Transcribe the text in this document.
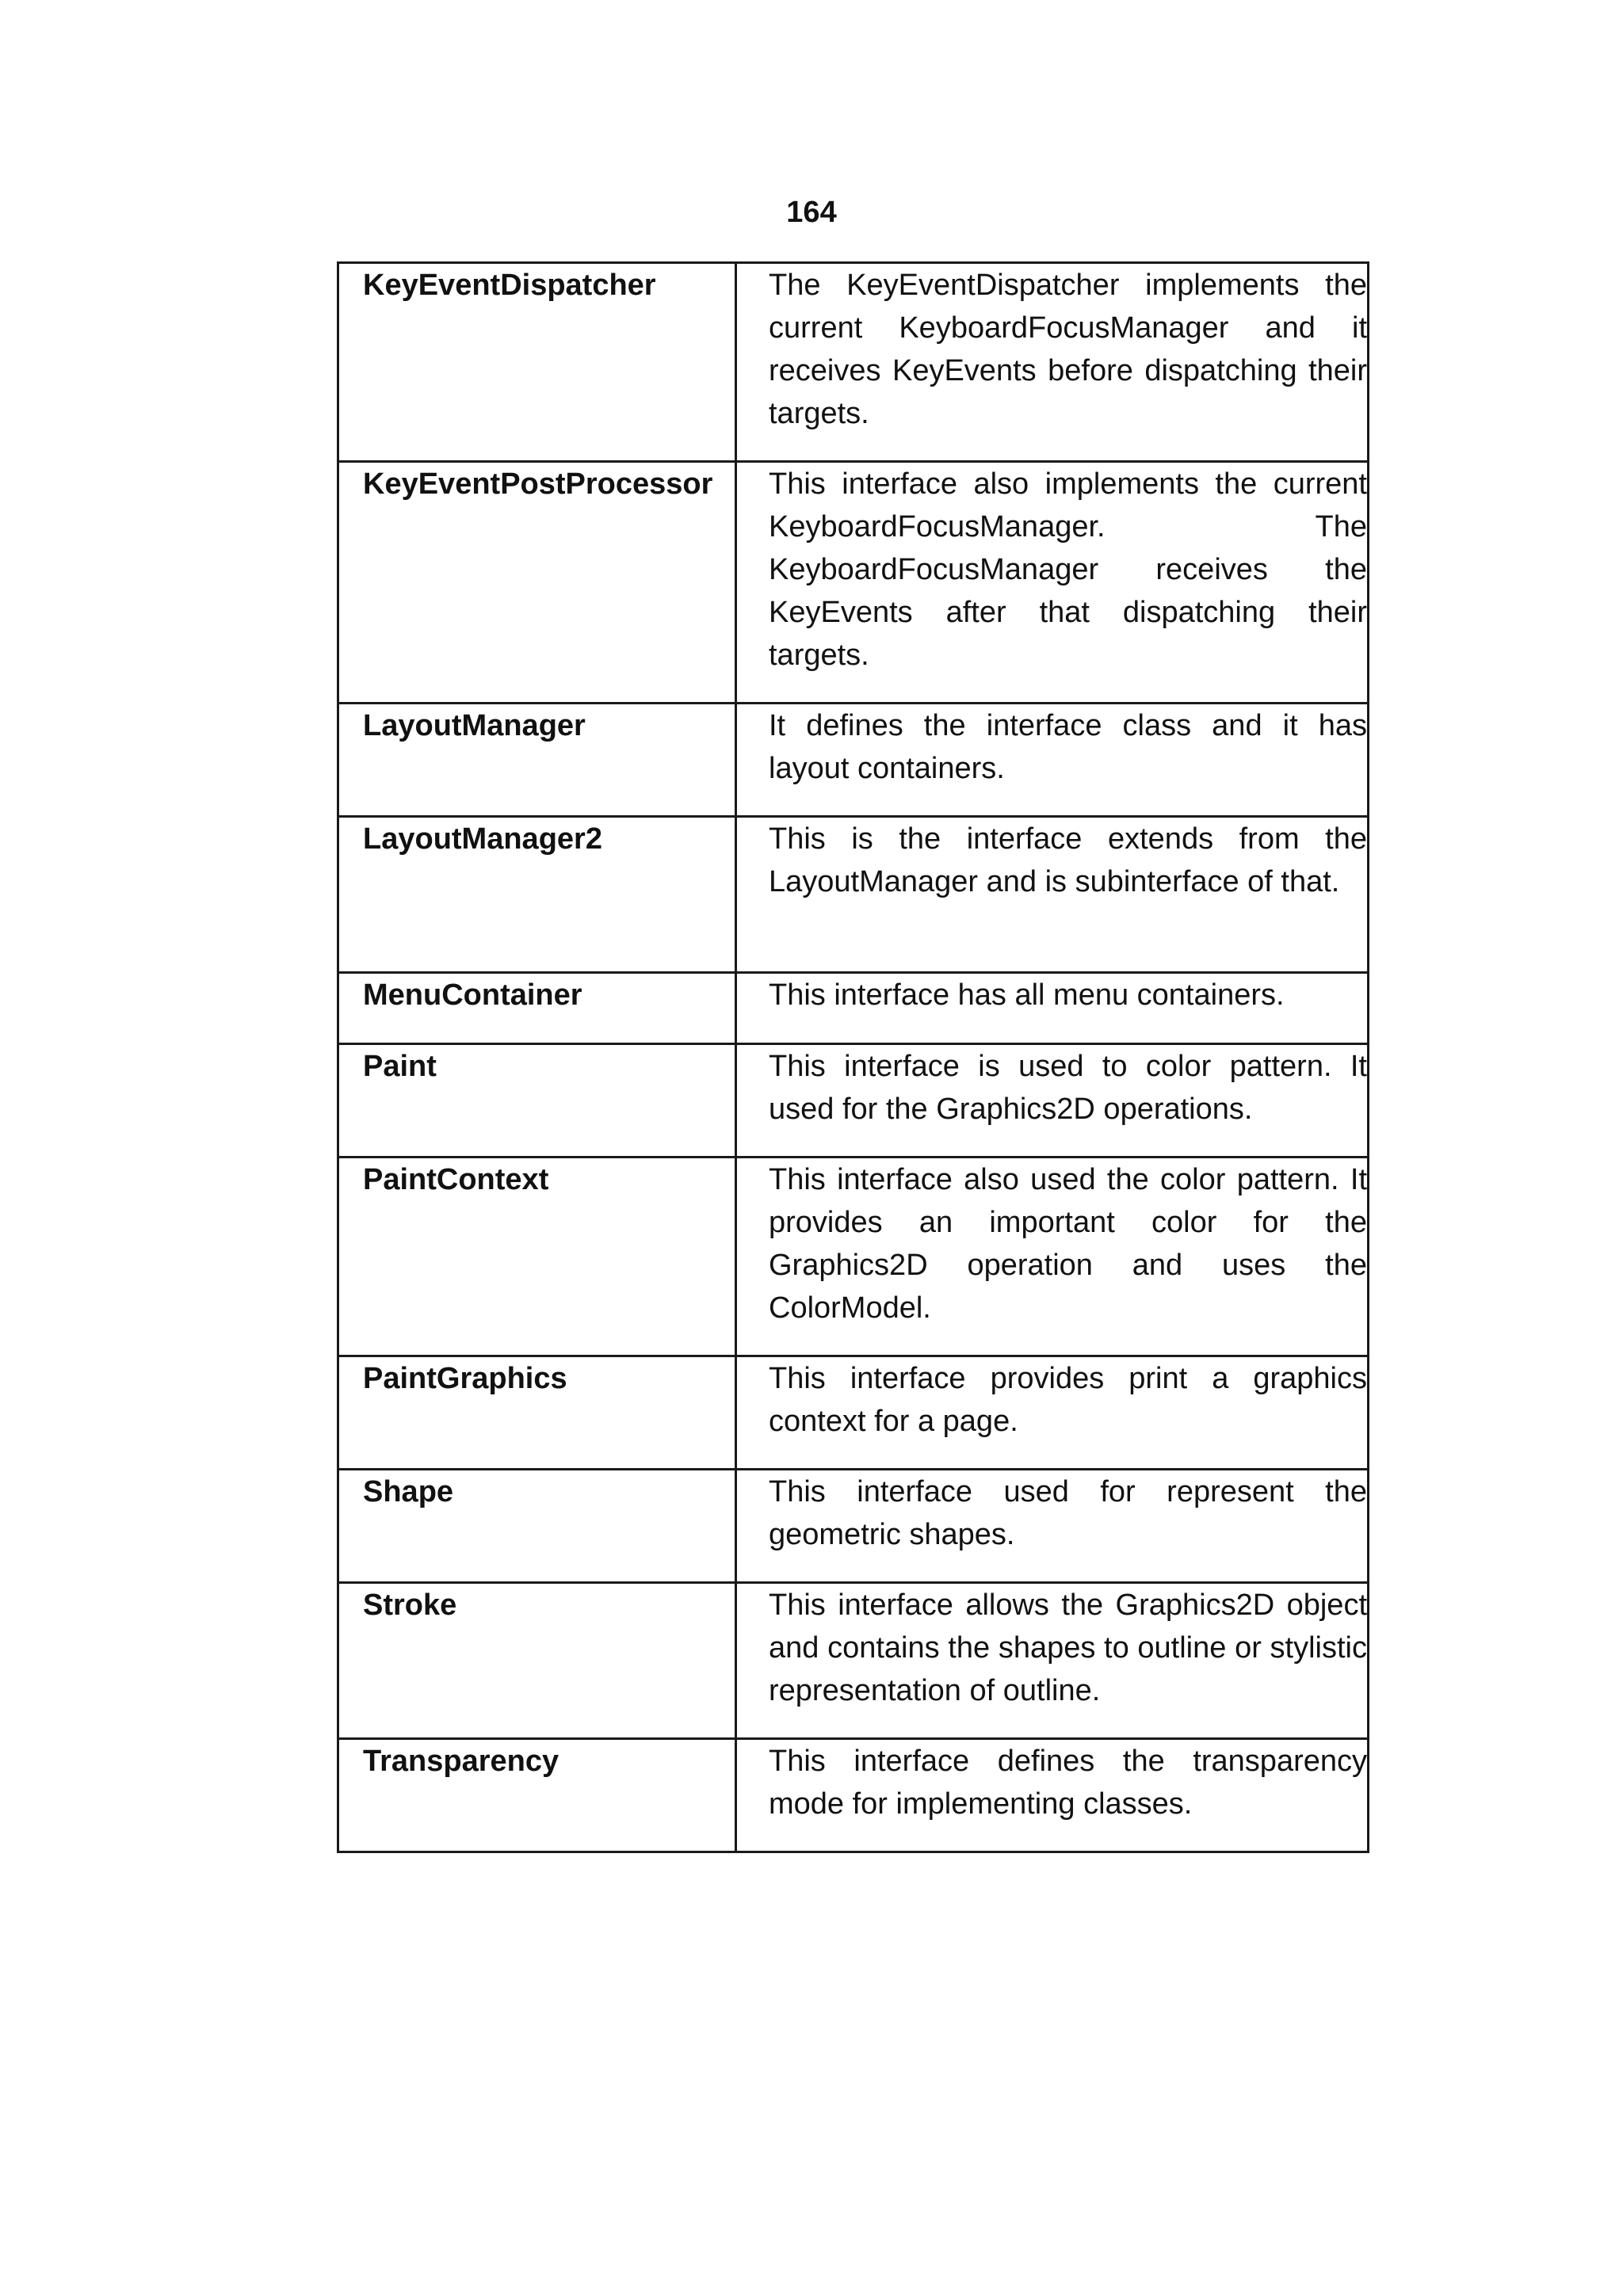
164
KeyEventDispatcher	The KeyEventDispatcher implements the current KeyboardFocusManager and it receives KeyEvents before dispatching their targets.

KeyEventPostProcessor	This interface also implements the current KeyboardFocusManager. The KeyboardFocusManager receives the KeyEvents after that dispatching their targets.

LayoutManager	It defines the interface class and it has layout containers.

LayoutManager2	This is the interface extends from the LayoutManager and is subinterface of that.

MenuContainer	This interface has all menu containers.

Paint	This interface is used to color pattern. It used for the Graphics2D operations.

PaintContext	This interface also used the color pattern. It provides an important color for the Graphics2D operation and uses the ColorModel.

PaintGraphics	This interface provides print a graphics context for a page.

Shape	This interface used for represent the geometric shapes.

Stroke	This interface allows the Graphics2D object and contains the shapes to outline or stylistic representation of outline.

Transparency	This interface defines the transparency mode for implementing classes.
